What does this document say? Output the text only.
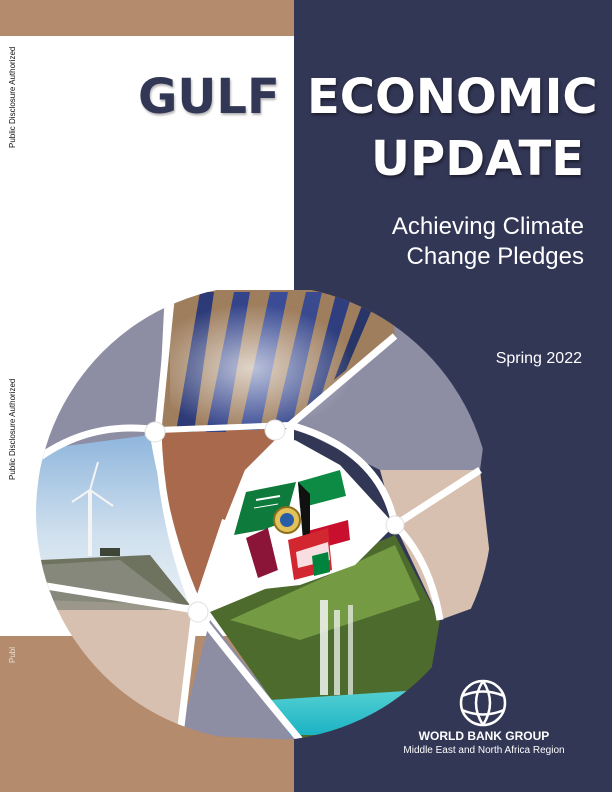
Public Disclosure Authorized
Public Disclosure Authorized
Publ
GULF ECONOMIC
UPDATE
Achieving Climate
Change Pledges
Spring 2022
WORLD BANK GROUP
Middle East and North Africa Region
